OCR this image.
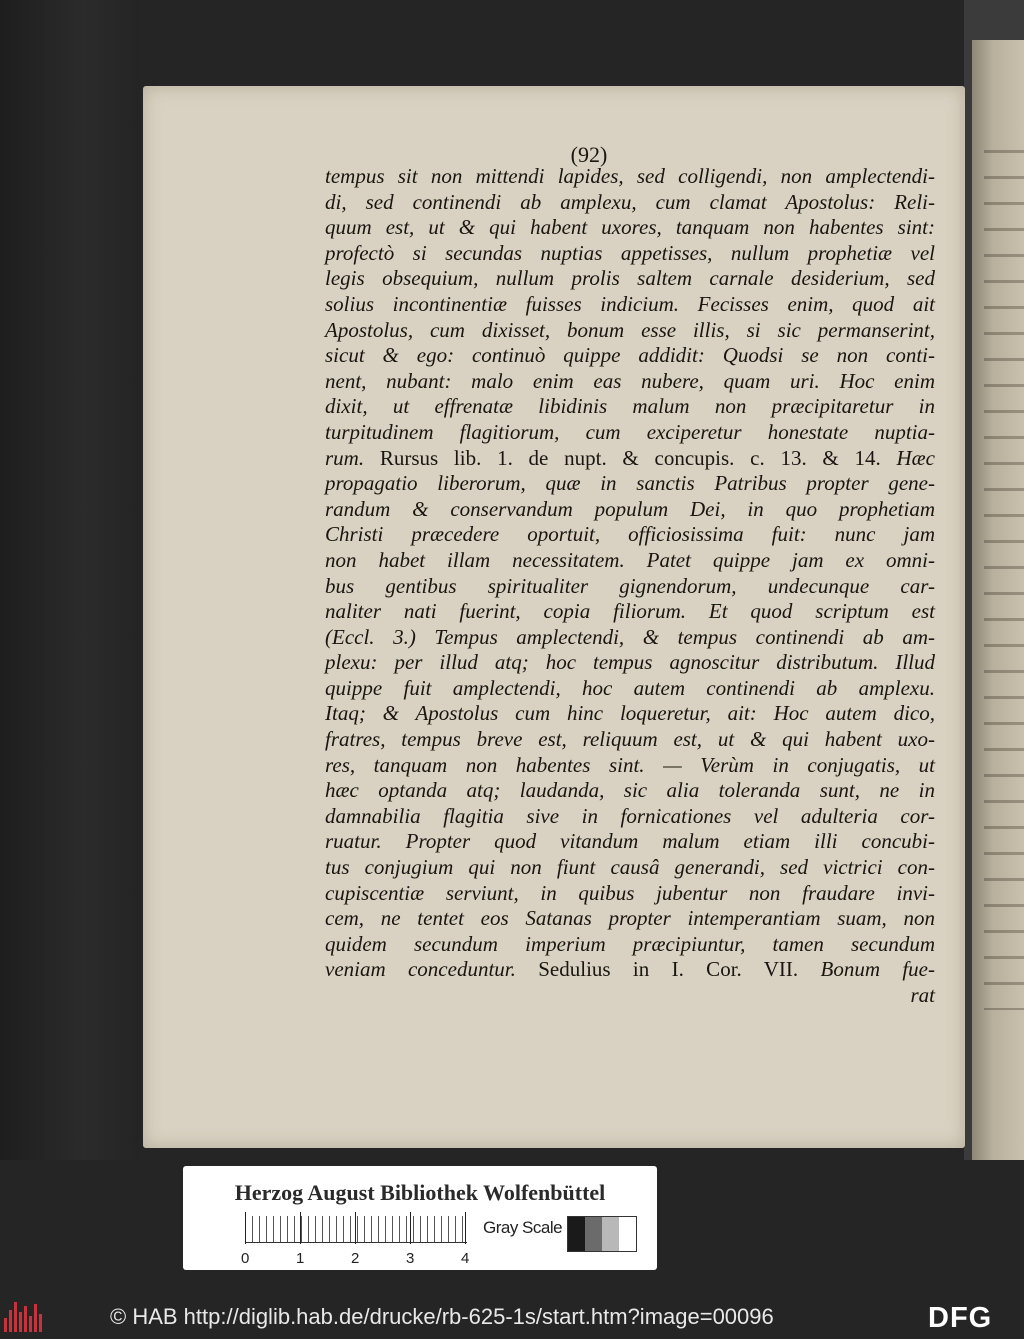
(92)
tempus sit non mittendi lapides, sed colligendi, non amplectendi-
di, sed continendi ab amplexu, cum clamat Apostolus: Reli-
quum est, ut & qui habent uxores, tanquam non habentes sint:
profectò si secundas nuptias appetisses, nullum prophetiæ vel
legis obsequium, nullum prolis saltem carnale desiderium, sed
solius incontinentiæ fuisses indicium. Fecisses enim, quod ait
Apostolus, cum dixisset, bonum esse illis, si sic permanserint,
sicut & ego: continuò quippe addidit: Quodsi se non conti-
nent, nubant: malo enim eas nubere, quam uri. Hoc enim
dixit, ut effrenatæ libidinis malum non præcipitaretur in
turpitudinem flagitiorum, cum exciperetur honestate nuptia-
rum. Rursus lib. 1. de nupt. & concupis. c. 13. & 14. Hæc
propagatio liberorum, quæ in sanctis Patribus propter gene-
randum & conservandum populum Dei, in quo prophetiam
Christi præcedere oportuit, officiosissima fuit: nunc jam
non habet illam necessitatem. Patet quippe jam ex omni-
bus gentibus spiritualiter gignendorum, undecunque car-
naliter nati fuerint, copia filiorum. Et quod scriptum est
(Eccl. 3.) Tempus amplectendi, & tempus continendi ab am-
plexu: per illud atq; hoc tempus agnoscitur distributum. Illud
quippe fuit amplectendi, hoc autem continendi ab amplexu.
Itaq; & Apostolus cum hinc loqueretur, ait: Hoc autem dico,
fratres, tempus breve est, reliquum est, ut & qui habent uxo-
res, tanquam non habentes sint. — Verùm in conjugatis, ut
hæc optanda atq; laudanda, sic alia toleranda sunt, ne in
damnabilia flagitia sive in fornicationes vel adulteria cor-
ruatur. Propter quod vitandum malum etiam illi concubi-
tus conjugium qui non fiunt causâ generandi, sed victrici con-
cupiscentiæ serviunt, in quibus jubentur non fraudare invi-
cem, ne tentet eos Satanas propter intemperantiam suam, non
quidem secundum imperium præcipiuntur, tamen secundum
veniam conceduntur. Sedulius in I. Cor. VII. Bonum fue-
rat
Herzog August Bibliothek Wolfenbüttel
0	1	2	3	4
Gray Scale
© HAB http://diglib.hab.de/drucke/rb-625-1s/start.htm?image=00096	DFG
